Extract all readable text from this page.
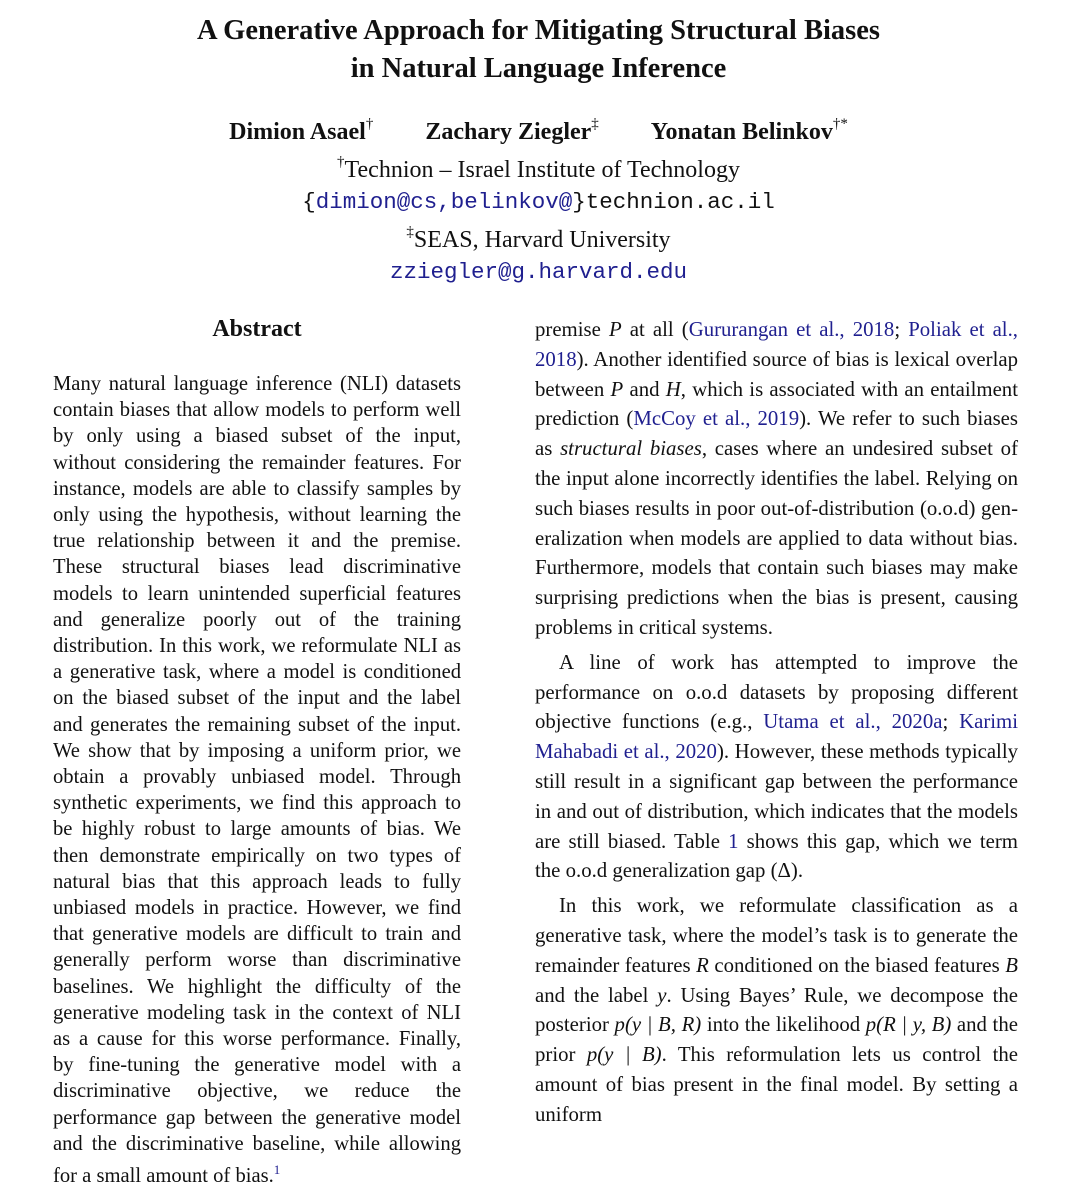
A Generative Approach for Mitigating Structural Biases
in Natural Language Inference
Dimion Asael† Zachary Ziegler‡ Yonatan Belinkov†*
†Technion – Israel Institute of Technology
{dimion@cs,belinkov@}technion.ac.il
‡SEAS, Harvard University
zziegler@g.harvard.edu
Abstract

Many natural language inference (NLI) datasets contain biases that allow models to perform well by only using a biased subset of the input, without considering the remainder features. For instance, models are able to classify samples by only using the hypothesis, without learning the true relationship between it and the premise. These structural biases lead discriminative models to learn unintended superficial features and generalize poorly out of the training distribution. In this work, we reformulate NLI as a generative task, where a model is conditioned on the biased subset of the input and the label and generates the remaining subset of the input. We show that by imposing a uniform prior, we obtain a provably unbiased model. Through synthetic experiments, we find this approach to be highly robust to large amounts of bias. We then demonstrate empirically on two types of natural bias that this approach leads to fully unbiased models in practice. However, we find that generative models are difficult to train and generally perform worse than discriminative baselines. We highlight the difficulty of the generative modeling task in the context of NLI as a cause for this worse performance. Finally, by fine-tuning the generative model with a discriminative objective, we reduce the performance gap between the generative model and the discriminative baseline, while allowing for a small amount of bias.$^1$

premise P at all (Gururangan et al., 2018; Poliak et al., 2018). Another identified source of bias is lexical overlap between P and H, which is associated with an entailment prediction (McCoy et al., 2019). We refer to such biases as structural biases, cases where an undesired subset of the input alone incorrectly identifies the label. Relying on such biases results in poor out-of-distribution (o.o.d) generalization when models are applied to data without bias. Furthermore, models that contain such biases may make surprising predictions when the bias is present, causing problems in critical systems.

A line of work has attempted to improve the performance on o.o.d datasets by proposing different objective functions (e.g., Utama et al., 2020a; Karimi Mahabadi et al., 2020). However, these methods typically still result in a significant gap between the performance in and out of distribution, which indicates that the models are still biased. Table 1 shows this gap, which we term the o.o.d generalization gap (Δ).

In this work, we reformulate classification as a generative task, where the model’s task is to generate the remainder features R conditioned on the biased features B and the label y. Using Bayes’ Rule, we decompose the posterior p(y | B, R) into the likelihood p(R | y, B) and the prior p(y | B). This reformulation lets us control the amount of bias present in the final model. By setting a uniform
